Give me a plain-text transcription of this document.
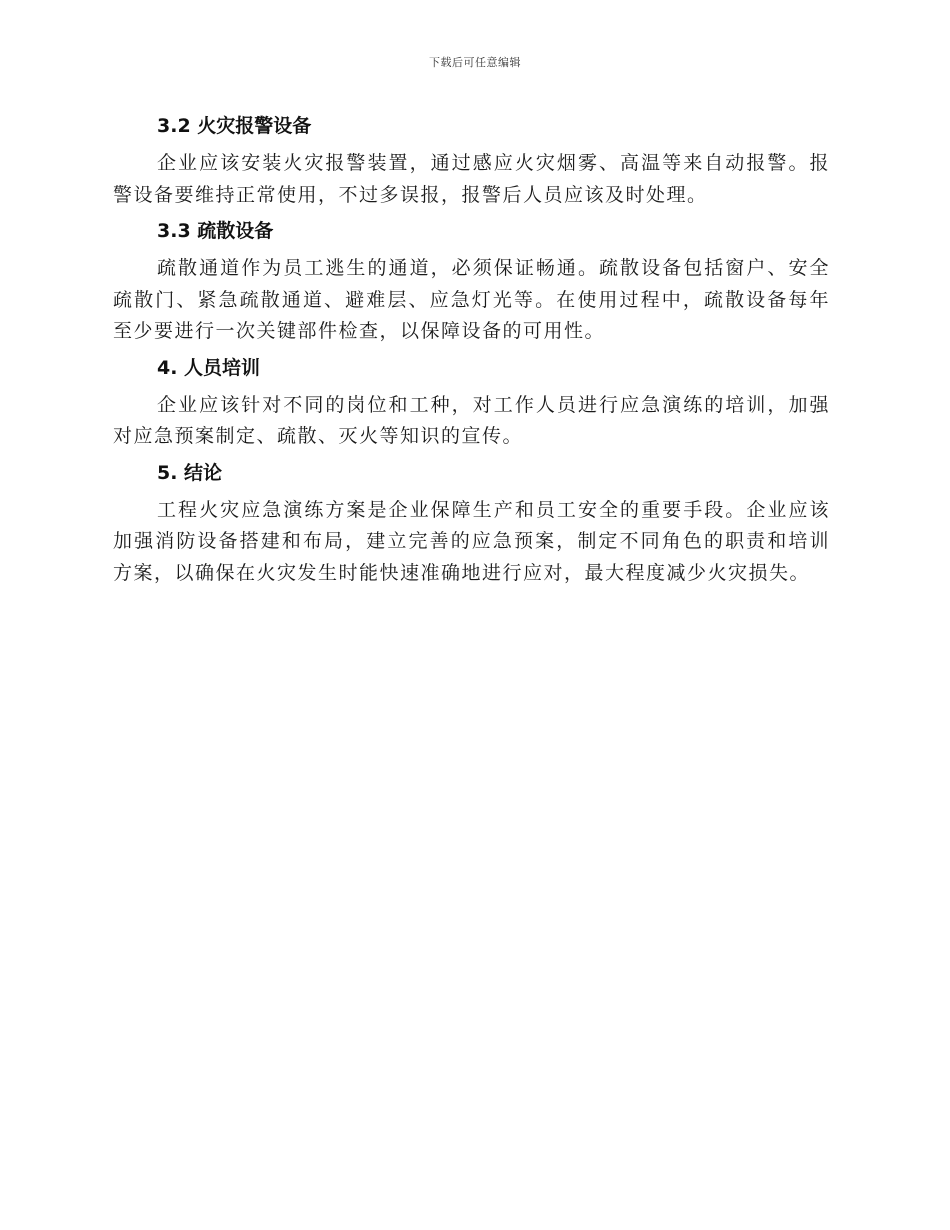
下载后可任意编辑
3.2 火灾报警设备

企业应该安装火灾报警装置，通过感应火灾烟雾、高温等来自动报警。报警设备要维持正常使用，不过多误报，报警后人员应该及时处理。

3.3 疏散设备

疏散通道作为员工逃生的通道，必须保证畅通。疏散设备包括窗户、安全疏散门、紧急疏散通道、避难层、应急灯光等。在使用过程中，疏散设备每年至少要进行一次关键部件检查，以保障设备的可用性。

4. 人员培训

企业应该针对不同的岗位和工种，对工作人员进行应急演练的培训，加强对应急预案制定、疏散、灭火等知识的宣传。

5. 结论

工程火灾应急演练方案是企业保障生产和员工安全的重要手段。企业应该加强消防设备搭建和布局，建立完善的应急预案，制定不同角色的职责和培训方案，以确保在火灾发生时能快速准确地进行应对，最大程度减少火灾损失。
